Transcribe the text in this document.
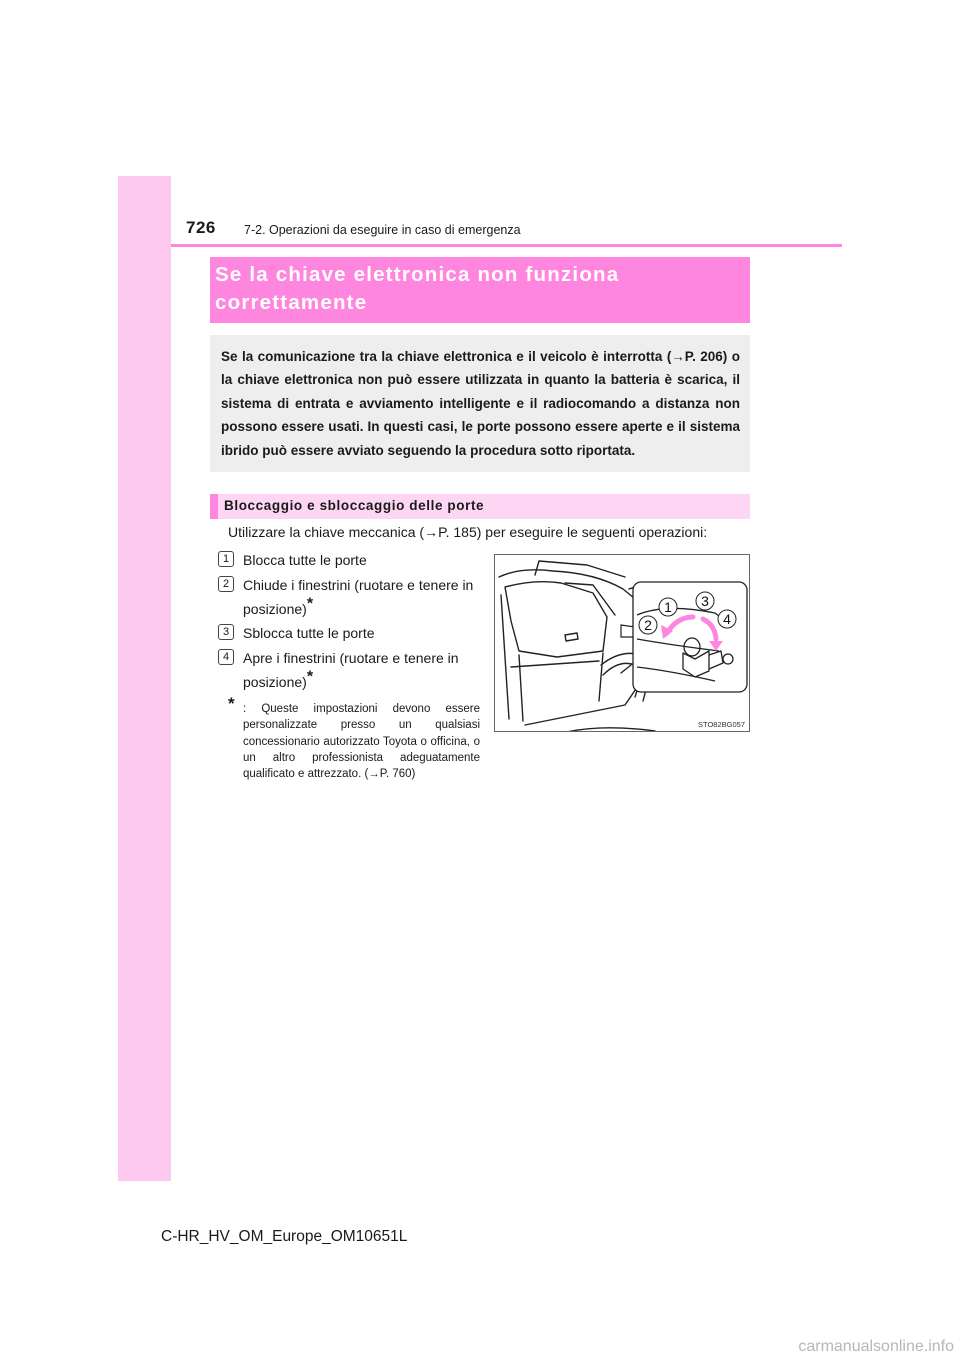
726 7-2. Operazioni da eseguire in caso di emergenza
Se la chiave elettronica non funziona correttamente
Se la comunicazione tra la chiave elettronica e il veicolo è interrotta (→P. 206) o la chiave elettronica non può essere utilizzata in quanto la batteria è scarica, il sistema di entrata e avviamento intelligente e il radiocomando a distanza non possono essere usati. In questi casi, le porte possono essere aperte e il sistema ibrido può essere avviato seguendo la procedura sotto riportata.
Bloccaggio e sbloccaggio delle porte
Utilizzare la chiave meccanica (→P. 185) per eseguire le seguenti operazioni:
1 Blocca tutte le porte
2 Chiude i finestrini (ruotare e tenere in posizione)*
3 Sblocca tutte le porte
4 Apre i finestrini (ruotare e tenere in posizione)*
* : Queste impostazioni devono essere personalizzate presso un qualsiasi concessionario autorizzato Toyota o officina, o un altro professionista adeguatamente qualificato e attrezzato. (→P. 760)
1
2
3
4
STO82BG057
C-HR_HV_OM_Europe_OM10651L
carmanualsonline.info
